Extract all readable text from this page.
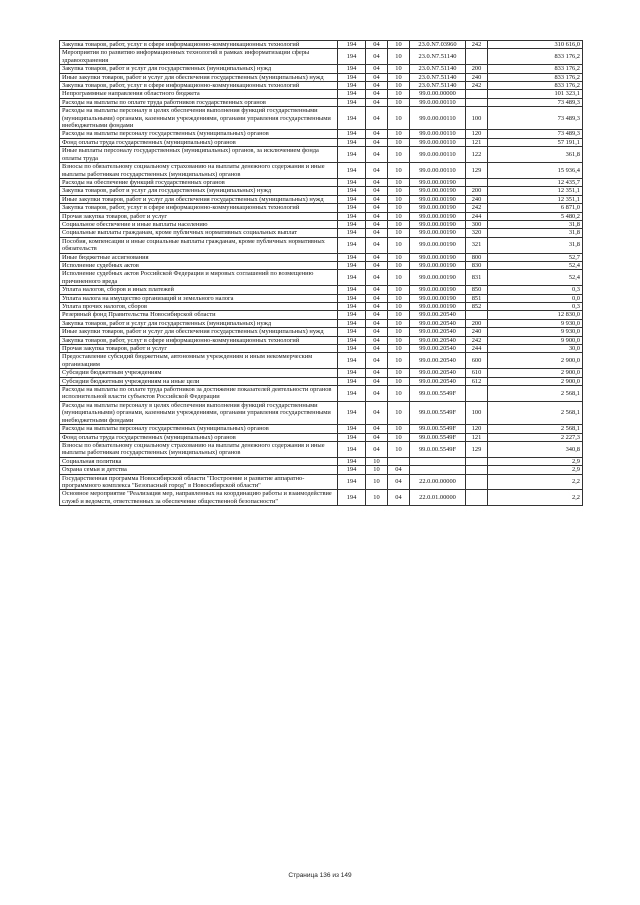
Закупка товаров, работ, услуг в сфере информационно-коммуникационных технологий	194	04	10	23.0.N7.03960	242	310 616,0
Мероприятия по развитию информационных технологий в рамках информатизации сферы здравоохранения	194	04	10	23.0.N7.51140		833 176,2
Закупка товаров, работ и услуг для государственных (муниципальных) нужд	194	04	10	23.0.N7.51140	200	833 176,2
Иные закупки товаров, работ и услуг для обеспечения государственных (муниципальных) нужд	194	04	10	23.0.N7.51140	240	833 176,2
Закупка товаров, работ, услуг в сфере информационно-коммуникационных технологий	194	04	10	23.0.N7.51140	242	833 176,2
Непрограммные направления областного бюджета	194	04	10	99.0.00.00000		101 323,1
Расходы на выплаты по оплате труда работников государственных органов	194	04	10	99.0.00.00110		73 489,3
Расходы на выплаты персоналу в целях обеспечения выполнения функций государственными (муниципальными) органами, казенными учреждениями, органами управления государственными внебюджетными фондами	194	04	10	99.0.00.00110	100	73 489,3
Расходы на выплаты персоналу государственных (муниципальных) органов	194	04	10	99.0.00.00110	120	73 489,3
Фонд оплаты труда государственных (муниципальных) органов	194	04	10	99.0.00.00110	121	57 191,1
Иные выплаты персоналу государственных (муниципальных) органов, за исключением фонда оплаты труда	194	04	10	99.0.00.00110	122	361,8
Взносы по обязательному социальному страхованию на выплаты денежного содержания и иные выплаты работникам государственных (муниципальных) органов	194	04	10	99.0.00.00110	129	15 936,4
Расходы на обеспечение функций государственных органов	194	04	10	99.0.00.00190		12 435,7
Закупка товаров, работ и услуг для государственных (муниципальных) нужд	194	04	10	99.0.00.00190	200	12 351,1
Иные закупки товаров, работ и услуг для обеспечения государственных (муниципальных) нужд	194	04	10	99.0.00.00190	240	12 351,1
Закупка товаров, работ, услуг в сфере информационно-коммуникационных технологий	194	04	10	99.0.00.00190	242	6 871,0
Прочая закупка товаров, работ и услуг	194	04	10	99.0.00.00190	244	5 480,2
Социальное обеспечение и иные выплаты населению	194	04	10	99.0.00.00190	300	31,8
Социальные выплаты гражданам, кроме публичных нормативных социальных выплат	194	04	10	99.0.00.00190	320	31,8
Пособия, компенсации и иные социальные выплаты гражданам, кроме публичных нормативных обязательств	194	04	10	99.0.00.00190	321	31,8
Иные бюджетные ассигнования	194	04	10	99.0.00.00190	800	52,7
Исполнение судебных актов	194	04	10	99.0.00.00190	830	52,4
Исполнение судебных актов Российской Федерации и мировых соглашений по возмещению причиненного вреда	194	04	10	99.0.00.00190	831	52,4
Уплата налогов, сборов и иных платежей	194	04	10	99.0.00.00190	850	0,3
Уплата налога на имущество организаций и земельного налога	194	04	10	99.0.00.00190	851	0,0
Уплата прочих налогов, сборов	194	04	10	99.0.00.00190	852	0,3
Резервный фонд Правительства Новосибирской области	194	04	10	99.0.00.20540		12 830,0
Закупка товаров, работ и услуг для государственных (муниципальных) нужд	194	04	10	99.0.00.20540	200	9 930,0
Иные закупки товаров, работ и услуг для обеспечения государственных (муниципальных) нужд	194	04	10	99.0.00.20540	240	9 930,0
Закупка товаров, работ, услуг в сфере информационно-коммуникационных технологий	194	04	10	99.0.00.20540	242	9 900,0
Прочая закупка товаров, работ и услуг	194	04	10	99.0.00.20540	244	30,0
Предоставление субсидий бюджетным, автономным учреждениям и иным некоммерческим организациям	194	04	10	99.0.00.20540	600	2 900,0
Субсидии бюджетным учреждениям	194	04	10	99.0.00.20540	610	2 900,0
Субсидии бюджетным учреждениям на иные цели	194	04	10	99.0.00.20540	612	2 900,0
Расходы на выплаты по оплате труда работников за достижение показателей деятельности органов исполнительной власти субъектов Российской Федерации	194	04	10	99.0.00.5549F		2 568,1
Расходы на выплаты персоналу в целях обеспечения выполнения функций государственными (муниципальными) органами, казенными учреждениями, органами управления государственными внебюджетными фондами	194	04	10	99.0.00.5549F	100	2 568,1
Расходы на выплаты персоналу государственных (муниципальных) органов	194	04	10	99.0.00.5549F	120	2 568,1
Фонд оплаты труда государственных (муниципальных) органов	194	04	10	99.0.00.5549F	121	2 227,3
Взносы по обязательному социальному страхованию на выплаты денежного содержания и иные выплаты работникам государственных (муниципальных) органов	194	04	10	99.0.00.5549F	129	340,8
Социальная политика	194	10				2,9
Охрана семьи и детства	194	10	04			2,9
Государственная программа Новосибирской области "Построение и развитие аппаратно-программного комплекса "Безопасный город" в Новосибирской области"	194	10	04	22.0.00.00000		2,2
Основное мероприятие "Реализация мер, направленных на координацию работы и взаимодействие служб и ведомств, ответственных за обеспечение общественной безопасности"	194	10	04	22.0.01.00000		2,2
Страница 136 из 149
